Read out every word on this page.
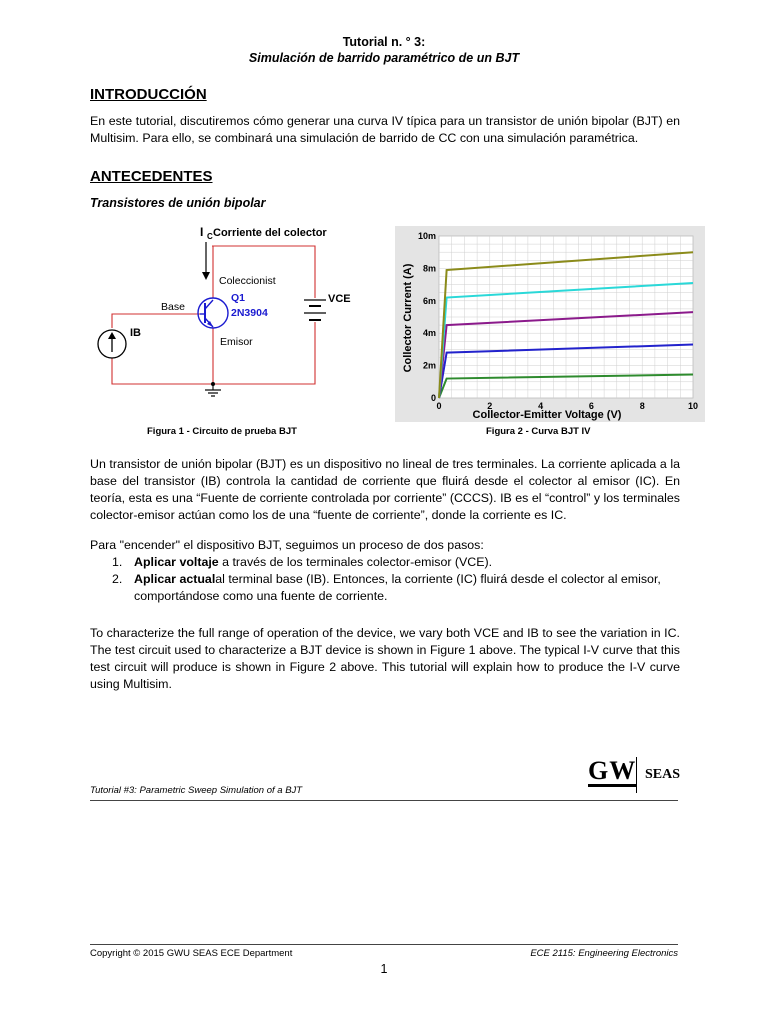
Tutorial n. ° 3:
Simulación de barrido paramétrico de un BJT
INTRODUCCIÓN
En este tutorial, discutiremos cómo generar una curva IV típica para un transistor de unión bipolar (BJT) en Multisim. Para ello, se combinará una simulación de barrido de CC con una simulación paramétrica.
ANTECEDENTES
Transistores de unión bipolar
I C Corriente del colector
Coleccionist
Q1
2N3904
Base
Emisor
IB
VCE
Figura 1 - Circuito de prueba BJT
0	2	4	6	8	10
0
2m
4m
6m
8m
10m
Collector-Emitter Voltage (V)
Collector Current (A)
Figura 2 - Curva BJT IV
Un transistor de unión bipolar (BJT) es un dispositivo no lineal de tres terminales. La corriente aplicada a la base del transistor (IB) controla la cantidad de corriente que fluirá desde el colector al emisor (IC). En teoría, esta es una “Fuente de corriente controlada por corriente” (CCCS). IB es el “control” y los terminales colector-emisor actúan como los de una “fuente de corriente”, donde la corriente es IC.
Para "encender" el dispositivo BJT, seguimos un proceso de dos pasos:
1. Aplicar voltaje a través de los terminales colector-emisor (VCE).
2. Aplicar actualal terminal base (IB). Entonces, la corriente (IC) fluirá desde el colector al emisor, comportándose como una fuente de corriente.
To characterize the full range of operation of the device, we vary both VCE and IB to see the variation in IC. The test circuit used to characterize a BJT device is shown in Figure 1 above. The typical I-V curve that this test circuit will produce is shown in Figure 2 above. This tutorial will explain how to produce the I-V curve using Multisim.
GW SEAS
Tutorial #3: Parametric Sweep Simulation of a BJT
Copyright © 2015 GWU SEAS ECE Department	ECE 2115: Engineering Electronics
1
